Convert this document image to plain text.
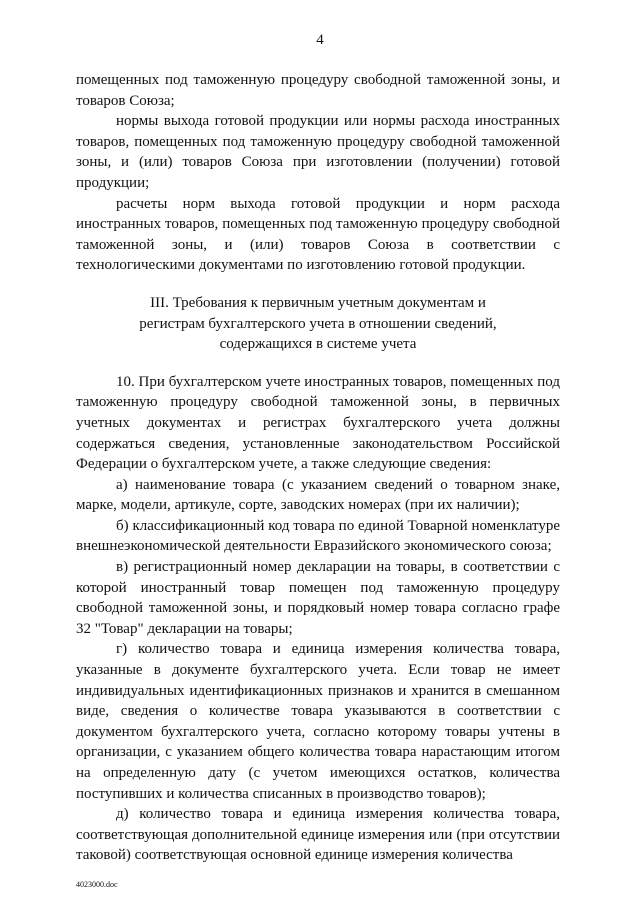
4

помещенных под таможенную процедуру свободной таможенной зоны, и товаров Союза;

нормы выхода готовой продукции или нормы расхода иностранных товаров, помещенных под таможенную процедуру свободной таможенной зоны, и (или) товаров Союза при изготовлении (получении) готовой продукции;

расчеты норм выхода готовой продукции и норм расхода иностранных товаров, помещенных под таможенную процедуру свободной таможенной зоны, и (или) товаров Союза в соответствии с технологическими документами по изготовлению готовой продукции.

III. Требования к первичным учетным документам и
регистрам бухгалтерского учета в отношении сведений,
содержащихся в системе учета

10. При бухгалтерском учете иностранных товаров, помещенных под таможенную процедуру свободной таможенной зоны, в первичных учетных документах и регистрах бухгалтерского учета должны содержаться сведения, установленные законодательством Российской Федерации о бухгалтерском учете, а также следующие сведения:

а) наименование товара (с указанием сведений о товарном знаке, марке, модели, артикуле, сорте, заводских номерах (при их наличии);

б) классификационный код товара по единой Товарной номенклатуре внешнеэкономической деятельности Евразийского экономического союза;

в) регистрационный номер декларации на товары, в соответствии с которой иностранный товар помещен под таможенную процедуру свободной таможенной зоны, и порядковый номер товара согласно графе 32 "Товар" декларации на товары;

г) количество товара и единица измерения количества товара, указанные в документе бухгалтерского учета. Если товар не имеет индивидуальных идентификационных признаков и хранится в смешанном виде, сведения о количестве товара указываются в соответствии с документом бухгалтерского учета, согласно которому товары учтены в организации, с указанием общего количества товара нарастающим итогом на определенную дату (с учетом имеющихся остатков, количества поступивших и количества списанных в производство товаров);

д) количество товара и единица измерения количества товара, соответствующая дополнительной единице измерения или (при отсутствии таковой) соответствующая основной единице измерения количества

4023000.doc
